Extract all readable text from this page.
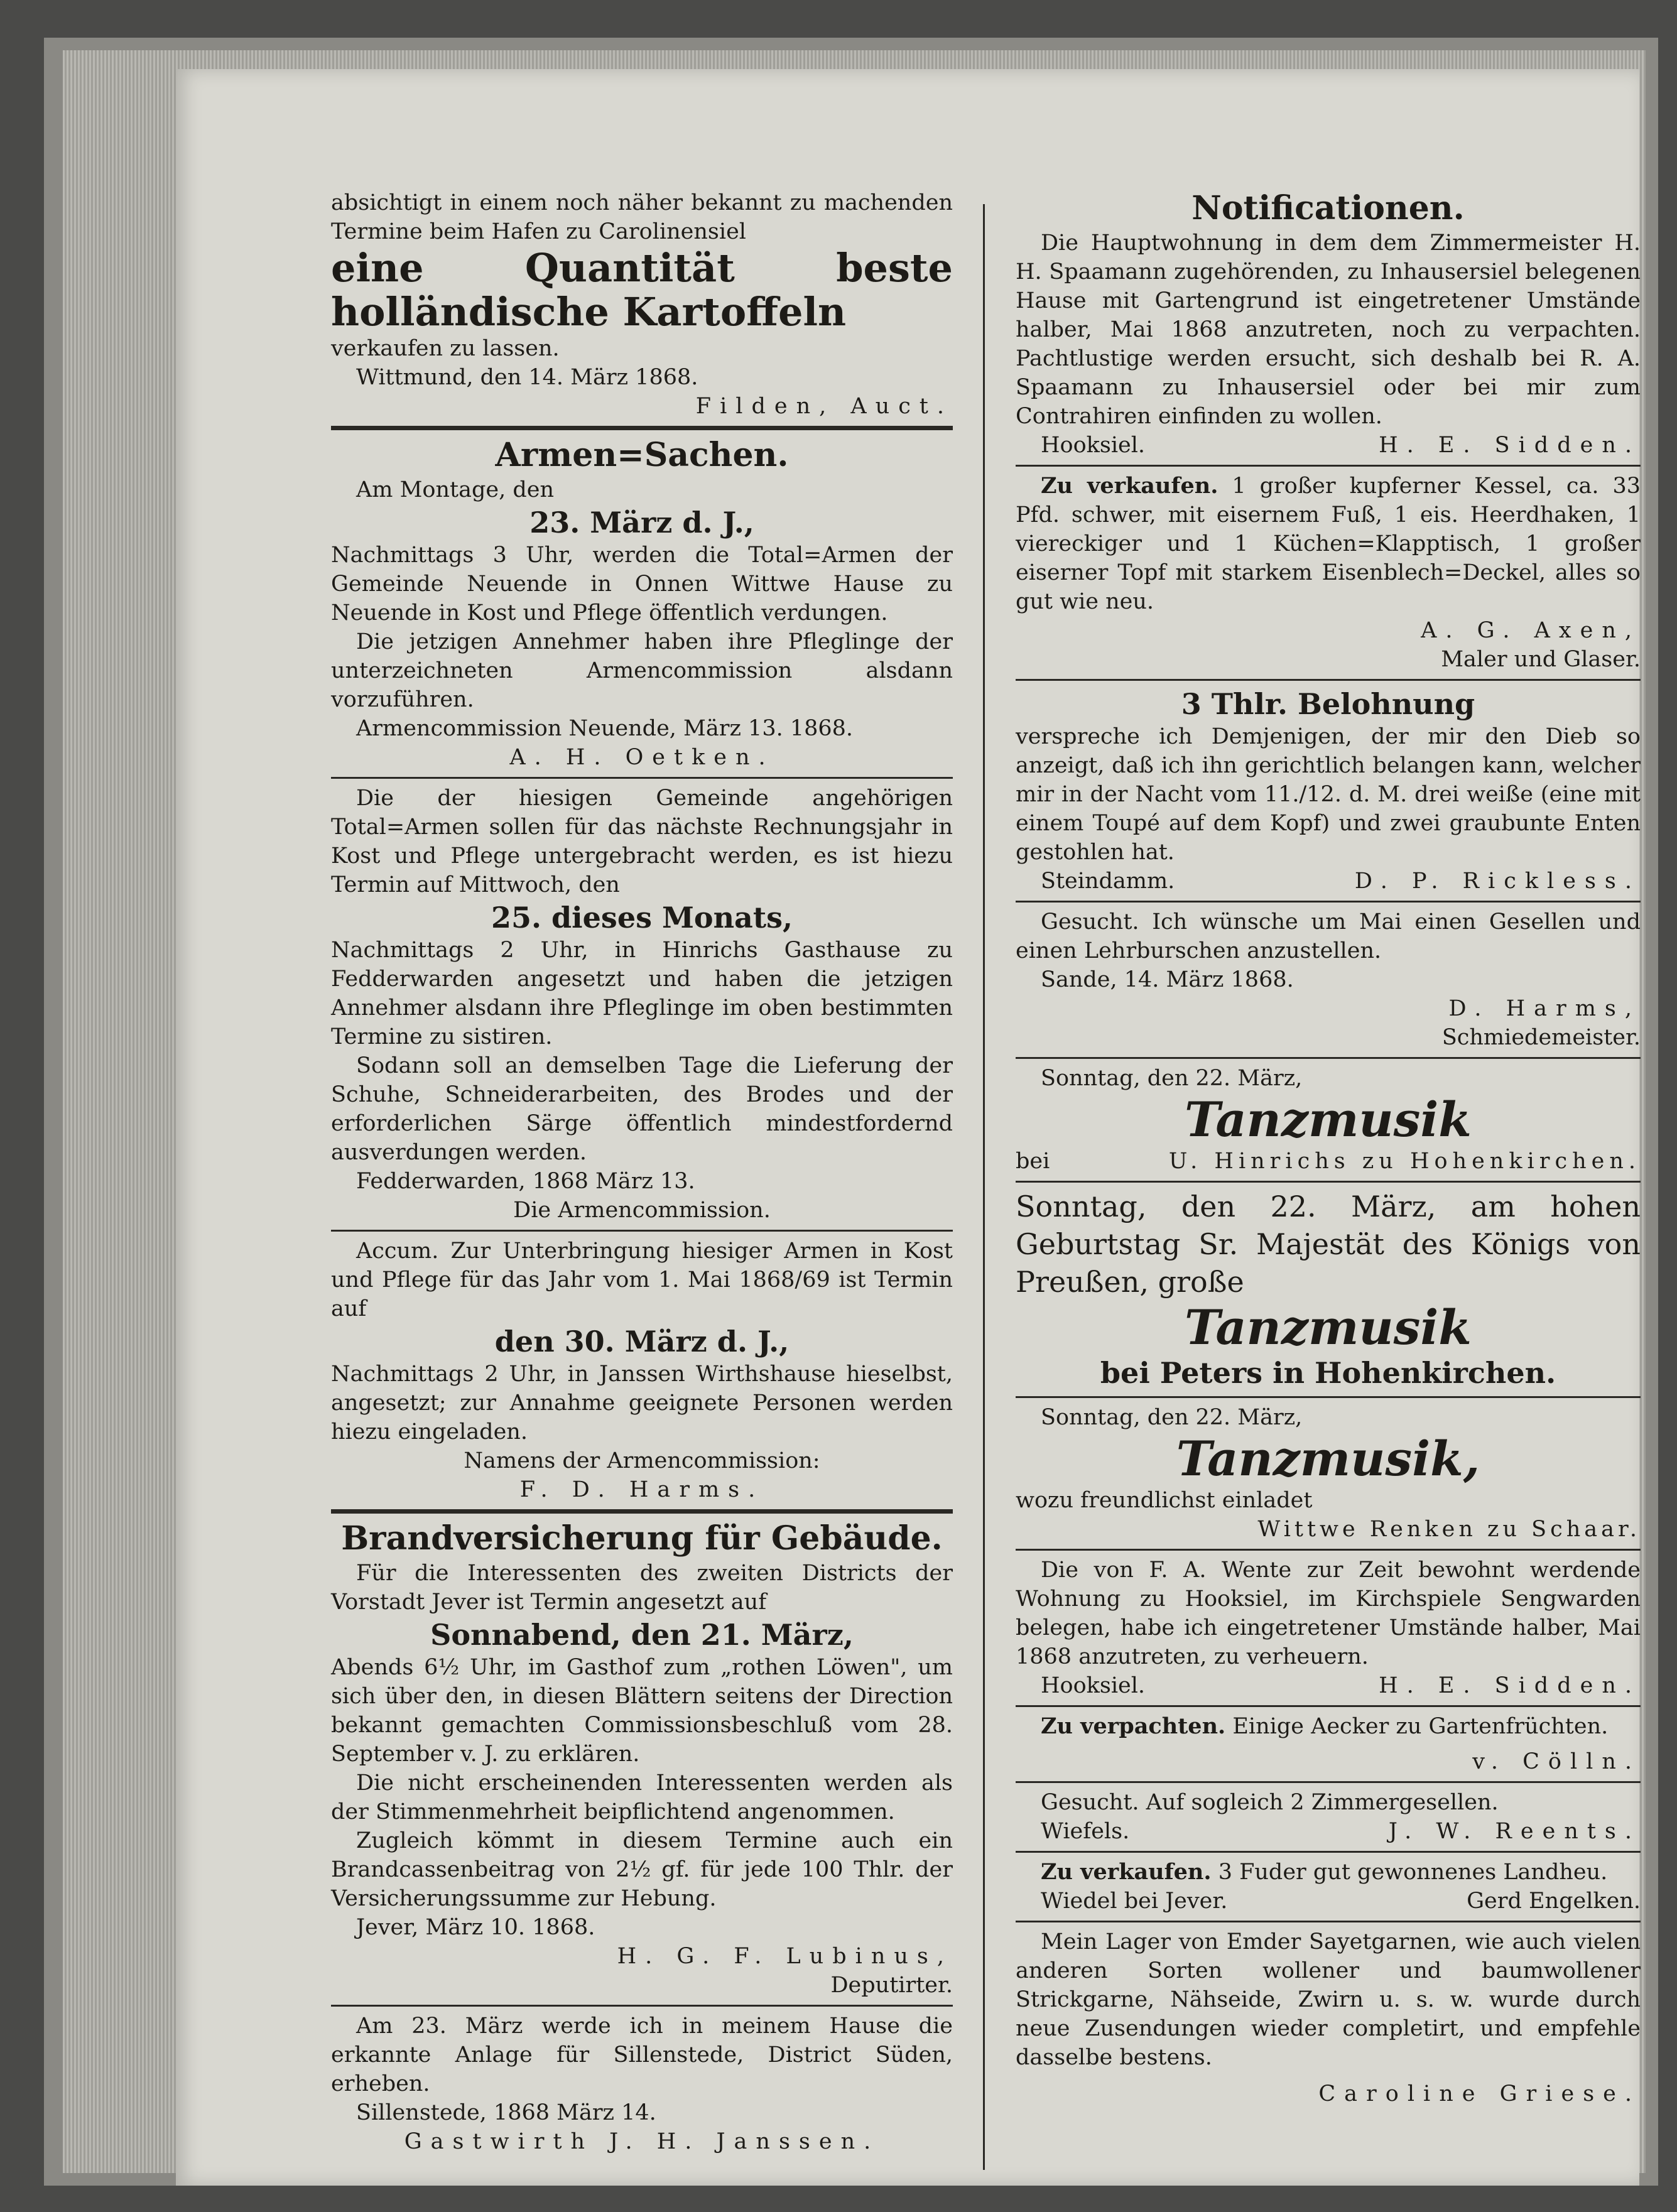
absichtigt in einem noch näher bekannt zu machenden Termine beim Hafen zu Carolinensiel

eine Quantität beste holländische Kartoffeln

verkaufen zu lassen.

Wittmund, den 14. März 1868.

Filden, Auct.

Armen=Sachen.

Am Montage, den

23. März d. J.,

Nachmittags 3 Uhr, werden die Total=Armen der Gemeinde Neuende in Onnen Wittwe Hause zu Neuende in Kost und Pflege öffentlich verdungen.

Die jetzigen Annehmer haben ihre Pfleglinge der unterzeichneten Armencommission alsdann vorzuführen.

Armencommission Neuende, März 13. 1868.

A. H. Oetken.

Die der hiesigen Gemeinde angehörigen Total=Armen sollen für das nächste Rechnungsjahr in Kost und Pflege untergebracht werden, es ist hiezu Termin auf Mittwoch, den

25. dieses Monats,

Nachmittags 2 Uhr, in Hinrichs Gasthause zu Fedderwarden angesetzt und haben die jetzigen Annehmer alsdann ihre Pfleglinge im oben bestimmten Termine zu sistiren.

Sodann soll an demselben Tage die Lieferung der Schuhe, Schneiderarbeiten, des Brodes und der erforderlichen Särge öffentlich mindestfordernd ausverdungen werden.

Fedderwarden, 1868 März 13.

Die Armencommission.

Accum. Zur Unterbringung hiesiger Armen in Kost und Pflege für das Jahr vom 1. Mai 1868/69 ist Termin auf

den 30. März d. J.,

Nachmittags 2 Uhr, in Janssen Wirthshause hieselbst, angesetzt; zur Annahme geeignete Personen werden hiezu eingeladen.

Namens der Armencommission:

F. D. Harms.

Brandversicherung für Gebäude.

Für die Interessenten des zweiten Districts der Vorstadt Jever ist Termin angesetzt auf

Sonnabend, den 21. März,

Abends 6½ Uhr, im Gasthof zum „rothen Löwen", um sich über den, in diesen Blättern seitens der Direction bekannt gemachten Commissionsbeschluß vom 28. September v. J. zu erklären.

Die nicht erscheinenden Interessenten werden als der Stimmenmehrheit beipflichtend angenommen.

Zugleich kömmt in diesem Termine auch ein Brandcassenbeitrag von 2½ gf. für jede 100 Thlr. der Versicherungssumme zur Hebung.

Jever, März 10. 1868.

H. G. F. Lubinus,

Deputirter.

Am 23. März werde ich in meinem Hause die erkannte Anlage für Sillenstede, District Süden, erheben.

Sillenstede, 1868 März 14.

Gastwirth J. H. Janssen.

Notificationen.

Die Hauptwohnung in dem dem Zimmermeister H. H. Spaamann zugehörenden, zu Inhausersiel belegenen Hause mit Gartengrund ist eingetretener Umstände halber, Mai 1868 anzutreten, noch zu verpachten. Pachtlustige werden ersucht, sich deshalb bei R. A. Spaamann zu Inhausersiel oder bei mir zum Contrahiren einfinden zu wollen.

Hooksiel.	H. E. Sidden.

Zu verkaufen. 1 großer kupferner Kessel, ca. 33 Pfd. schwer, mit eisernem Fuß, 1 eis. Heerdhaken, 1 viereckiger und 1 Küchen=Klapptisch, 1 großer eiserner Topf mit starkem Eisenblech=Deckel, alles so gut wie neu.

A. G. Axen,

Maler und Glaser.

3 Thlr. Belohnung

verspreche ich Demjenigen, der mir den Dieb so anzeigt, daß ich ihn gerichtlich belangen kann, welcher mir in der Nacht vom 11./12. d. M. drei weiße (eine mit einem Toupé auf dem Kopf) und zwei graubunte Enten gestohlen hat.

Steindamm.	D. P. Rickless.

Gesucht. Ich wünsche um Mai einen Gesellen und einen Lehrburschen anzustellen.

Sande, 14. März 1868.

D. Harms,

Schmiedemeister.

Sonntag, den 22. März,

Tanzmusik

bei	U. Hinrichs zu Hohenkirchen.

Sonntag, den 22. März, am hohen Geburtstag Sr. Majestät des Königs von Preußen, große

Tanzmusik

bei Peters in Hohenkirchen.

Sonntag, den 22. März,

Tanzmusik,

wozu freundlichst einladet

Wittwe Renken zu Schaar.

Die von F. A. Wente zur Zeit bewohnt werdende Wohnung zu Hooksiel, im Kirchspiele Sengwarden belegen, habe ich eingetretener Umstände halber, Mai 1868 anzutreten, zu verheuern.

Hooksiel.	H. E. Sidden.

Zu verpachten. Einige Aecker zu Gartenfrüchten.

v. Cölln.

Gesucht. Auf sogleich 2 Zimmergesellen.

Wiefels.	J. W. Reents.

Zu verkaufen. 3 Fuder gut gewonnenes Landheu.

Wiedel bei Jever.	Gerd Engelken.

Mein Lager von Emder Sayetgarnen, wie auch vielen anderen Sorten wollener und baumwollener Strickgarne, Nähseide, Zwirn u. s. w. wurde durch neue Zusendungen wieder completirt, und empfehle dasselbe bestens.

Caroline Griese.
